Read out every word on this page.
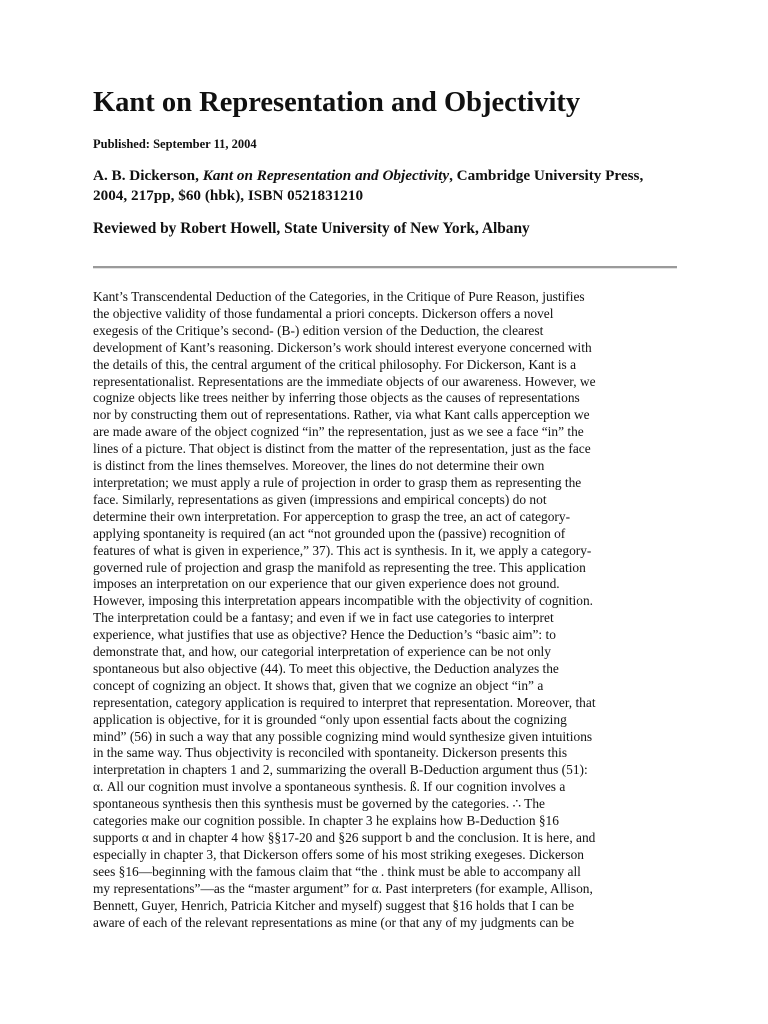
Kant on Representation and Objectivity

Published: September 11, 2004

A. B. Dickerson, Kant on Representation and Objectivity, Cambridge University Press, 2004, 217pp, $60 (hbk), ISBN 0521831210

Reviewed by Robert Howell, State University of New York, Albany

Kant’s Transcendental Deduction of the Categories, in the Critique of Pure Reason, justifies
the objective validity of those fundamental a priori concepts. Dickerson offers a novel
exegesis of the Critique’s second- (B-) edition version of the Deduction, the clearest
development of Kant’s reasoning. Dickerson’s work should interest everyone concerned with
the details of this, the central argument of the critical philosophy. For Dickerson, Kant is a
representationalist. Representations are the immediate objects of our awareness. However, we
cognize objects like trees neither by inferring those objects as the causes of representations
nor by constructing them out of representations. Rather, via what Kant calls apperception we
are made aware of the object cognized “in” the representation, just as we see a face “in” the
lines of a picture. That object is distinct from the matter of the representation, just as the face
is distinct from the lines themselves. Moreover, the lines do not determine their own
interpretation; we must apply a rule of projection in order to grasp them as representing the
face. Similarly, representations as given (impressions and empirical concepts) do not
determine their own interpretation. For apperception to grasp the tree, an act of category-
applying spontaneity is required (an act “not grounded upon the (passive) recognition of
features of what is given in experience,” 37). This act is synthesis. In it, we apply a category-
governed rule of projection and grasp the manifold as representing the tree. This application
imposes an interpretation on our experience that our given experience does not ground.
However, imposing this interpretation appears incompatible with the objectivity of cognition.
The interpretation could be a fantasy; and even if we in fact use categories to interpret
experience, what justifies that use as objective? Hence the Deduction’s “basic aim”: to
demonstrate that, and how, our categorial interpretation of experience can be not only
spontaneous but also objective (44). To meet this objective, the Deduction analyzes the
concept of cognizing an object. It shows that, given that we cognize an object “in” a
representation, category application is required to interpret that representation. Moreover, that
application is objective, for it is grounded “only upon essential facts about the cognizing
mind” (56) in such a way that any possible cognizing mind would synthesize given intuitions
in the same way. Thus objectivity is reconciled with spontaneity. Dickerson presents this
interpretation in chapters 1 and 2, summarizing the overall B-Deduction argument thus (51):
α. All our cognition must involve a spontaneous synthesis. ß. If our cognition involves a
spontaneous synthesis then this synthesis must be governed by the categories. ∴ The
categories make our cognition possible. In chapter 3 he explains how B-Deduction §16
supports α and in chapter 4 how §§17-20 and §26 support b and the conclusion. It is here, and
especially in chapter 3, that Dickerson offers some of his most striking exegeses. Dickerson
sees §16—beginning with the famous claim that “the . think must be able to accompany all
my representations”—as the “master argument” for α. Past interpreters (for example, Allison,
Bennett, Guyer, Henrich, Patricia Kitcher and myself) suggest that §16 holds that I can be
aware of each of the relevant representations as mine (or that any of my judgments can be
